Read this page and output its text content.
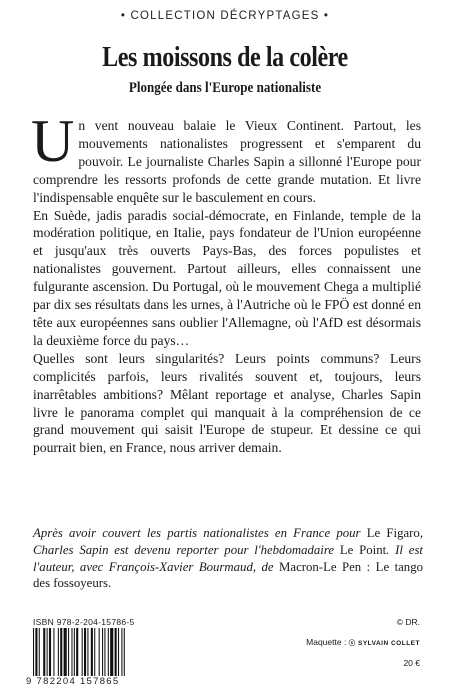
• COLLECTION DÉCRYPTAGES •
Les moissons de la colère
Plongée dans l'Europe nationaliste

Un vent nouveau balaie le Vieux Continent. Partout, les mouvements nationalistes progressent et s'emparent du pouvoir. Le journaliste Charles Sapin a sillonné l'Europe pour comprendre les ressorts profonds de cette grande mutation. Et livre l'indispensable enquête sur le basculement en cours.

En Suède, jadis paradis social-démocrate, en Finlande, temple de la modération politique, en Italie, pays fondateur de l'Union européenne et jusqu'aux très ouverts Pays-Bas, des forces populistes et nationalistes gouvernent. Partout ailleurs, elles connaissent une fulgurante ascension. Du Portugal, où le mouvement Chega a multiplié par dix ses résultats dans les urnes, à l'Autriche où le FPÖ est donné en tête aux européennes sans oublier l'Allemagne, où l'AfD est désormais la deuxième force du pays…

Quelles sont leurs singularités? Leurs points communs? Leurs complicités parfois, leurs rivalités souvent et, toujours, leurs inarrêtables ambitions? Mêlant reportage et analyse, Charles Sapin livre le panorama complet qui manquait à la compréhension de ce grand mouvement qui saisit l'Europe de stupeur. Et dessine ce qui pourrait bien, en France, nous arriver demain.

Après avoir couvert les partis nationalistes en France pour Le Figaro, Charles Sapin est devenu reporter pour l'hebdomadaire Le Point. Il est l'auteur, avec François-Xavier Bourmaud, de Macron-Le Pen : Le tango des fossoyeurs.
ISBN 978-2-204-15786-5	© DR.
Maquette : ⓢ SYLVAIN COLLET
20 €
9 782204 157865
